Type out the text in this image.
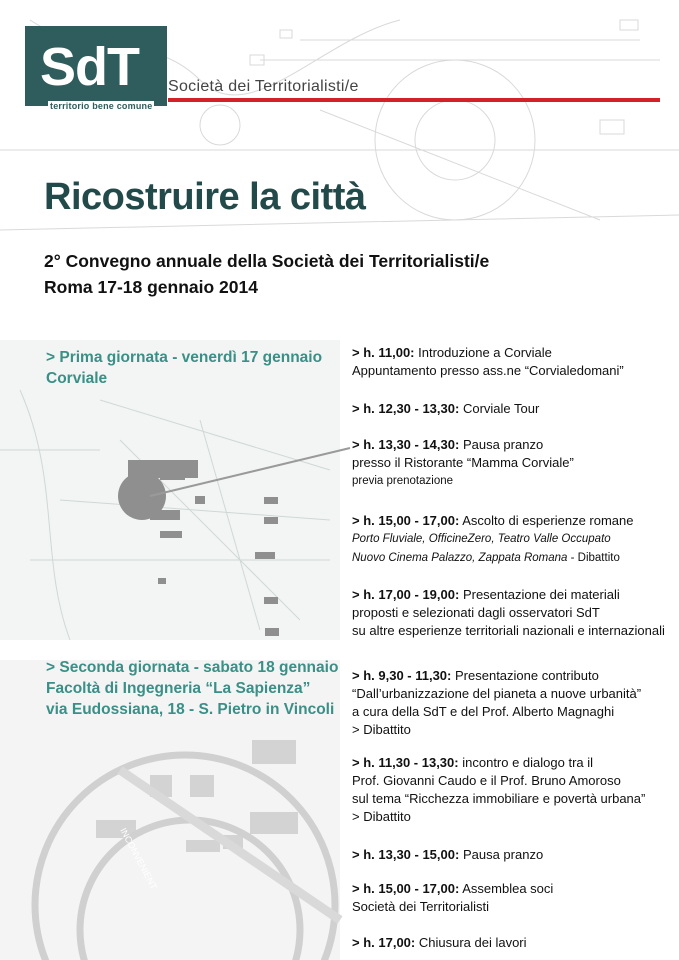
INCONVENIENT
SdT
territorio bene comune
Società dei Territorialisti/e
Ricostruire la città
2° Convegno annuale della Società dei Territorialisti/e
Roma 17-18 gennaio 2014
> Prima giornata - venerdì 17 gennaio
Corviale
> Seconda giornata - sabato 18 gennaio
Facoltà di Ingegneria “La Sapienza”
via Eudossiana, 18 - S. Pietro in Vincoli
> h. 11,00: Introduzione a Corviale
Appuntamento presso ass.ne “Corvialedomani”
> h. 12,30 - 13,30: Corviale Tour
> h. 13,30 - 14,30: Pausa pranzo
presso il Ristorante “Mamma Corviale”
previa prenotazione
> h. 15,00 - 17,00: Ascolto di esperienze romane
Porto Fluviale, OfficineZero, Teatro Valle Occupato
Nuovo Cinema Palazzo, Zappata Romana - Dibattito
> h. 17,00 - 19,00: Presentazione dei materiali
proposti e selezionati dagli osservatori SdT
su altre esperienze territoriali nazionali e internazionali
> h. 9,30 - 11,30: Presentazione contributo
“Dall’urbanizzazione del pianeta a nuove urbanità”
a cura della SdT e del Prof. Alberto Magnaghi
> Dibattito
> h. 11,30 - 13,30: incontro e dialogo tra il
Prof. Giovanni Caudo e il Prof. Bruno Amoroso
sul tema “Ricchezza immobiliare e povertà urbana”
> Dibattito
> h. 13,30 - 15,00: Pausa pranzo
> h. 15,00 - 17,00: Assemblea soci
Società dei Territorialisti
> h. 17,00: Chiusura dei lavori
